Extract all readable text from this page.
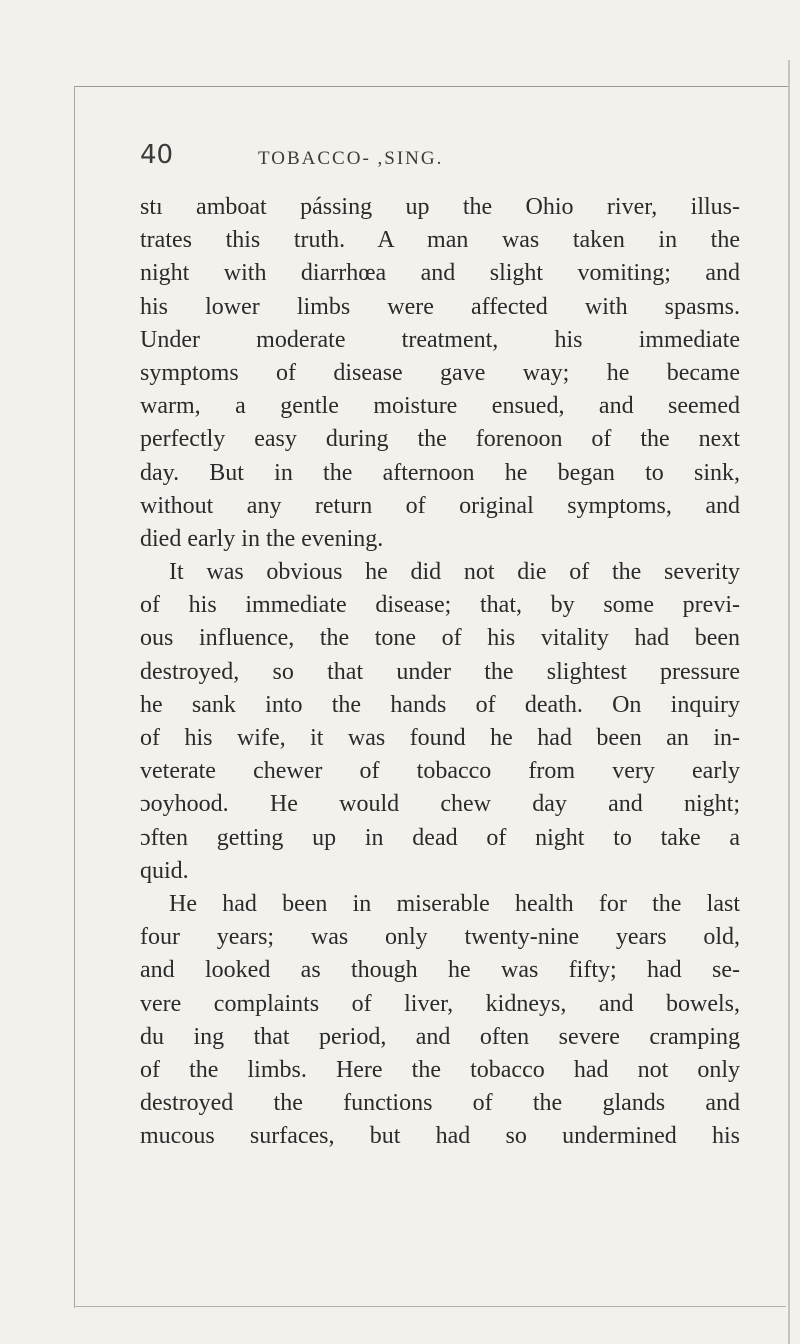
40	TOBACCO- ,SING.
stı amboat pássing up the Ohio river, illus-
trates this truth. A man was taken in the
night with diarrhœa and slight vomiting; and
his lower limbs were affected with spasms.
Under moderate treatment, his immediate
symptoms of disease gave way; he became
warm, a gentle moisture ensued, and seemed
perfectly easy during the forenoon of the next
day. But in the afternoon he began to sink,
without any return of original symptoms, and
died early in the evening.
It was obvious he did not die of the severity
of his immediate disease; that, by some previ-
ous influence, the tone of his vitality had been
destroyed, so that under the slightest pressure
he sank into the hands of death. On inquiry
of his wife, it was found he had been an in-
veterate chewer of tobacco from very early
ɔoyhood. He would chew day and night;
ɔften getting up in dead of night to take a
quid.
He had been in miserable health for the last
four years; was only twenty-nine years old,
and looked as though he was fifty; had se-
vere complaints of liver, kidneys, and bowels,
du ing that period, and often severe cramping
of the limbs. Here the tobacco had not only
destroyed the functions of the glands and
mucous surfaces, but had so undermined his
